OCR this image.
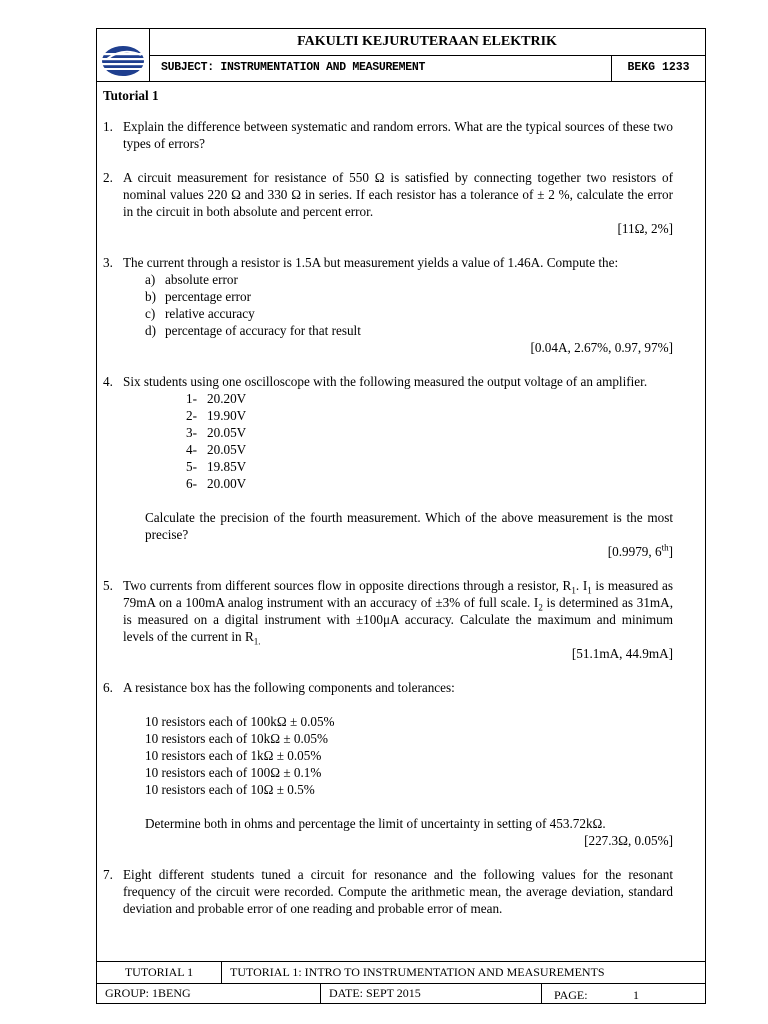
FAKULTI KEJURUTERAAN ELEKTRIK
SUBJECT: INSTRUMENTATION AND MEASUREMENT	BEKG 1233
Tutorial 1
1. Explain the difference between systematic and random errors. What are the typical sources of these two types of errors?
2. A circuit measurement for resistance of 550 Ω is satisfied by connecting together two resistors of nominal values 220 Ω and 330 Ω in series. If each resistor has a tolerance of ± 2 %, calculate the error in the circuit in both absolute and percent error.
[11Ω, 2%]
3. The current through a resistor is 1.5A but measurement yields a value of 1.46A. Compute the:
a) absolute error
b) percentage error
c) relative accuracy
d) percentage of accuracy for that result
[0.04A, 2.67%, 0.97, 97%]
4. Six students using one oscilloscope with the following measured the output voltage of an amplifier.
1- 20.20V
2- 19.90V
3- 20.05V
4- 20.05V
5- 19.85V
6- 20.00V
Calculate the precision of the fourth measurement. Which of the above measurement is the most precise?
[0.9979, 6th]
5. Two currents from different sources flow in opposite directions through a resistor, $R_1$. $I_1$ is measured as 79mA on a 100mA analog instrument with an accuracy of ±3% of full scale. $I_2$ is determined as 31mA, is measured on a digital instrument with ±100μA accuracy. Calculate the maximum and minimum levels of the current in $R_{1.}$
[51.1mA, 44.9mA]
6. A resistance box has the following components and tolerances:
10 resistors each of 100kΩ ± 0.05%
10 resistors each of 10kΩ ± 0.05%
10 resistors each of 1kΩ ± 0.05%
10 resistors each of 100Ω ± 0.1%
10 resistors each of 10Ω ± 0.5%
Determine both in ohms and percentage the limit of uncertainty in setting of 453.72kΩ.
[227.3Ω, 0.05%]
7. Eight different students tuned a circuit for resonance and the following values for the resonant frequency of the circuit were recorded. Compute the arithmetic mean, the average deviation, standard deviation and probable error of one reading and probable error of mean.
TUTORIAL 1	TUTORIAL 1: INTRO TO INSTRUMENTATION AND MEASUREMENTS
GROUP: 1BENG	DATE: SEPT 2015	PAGE:	1
